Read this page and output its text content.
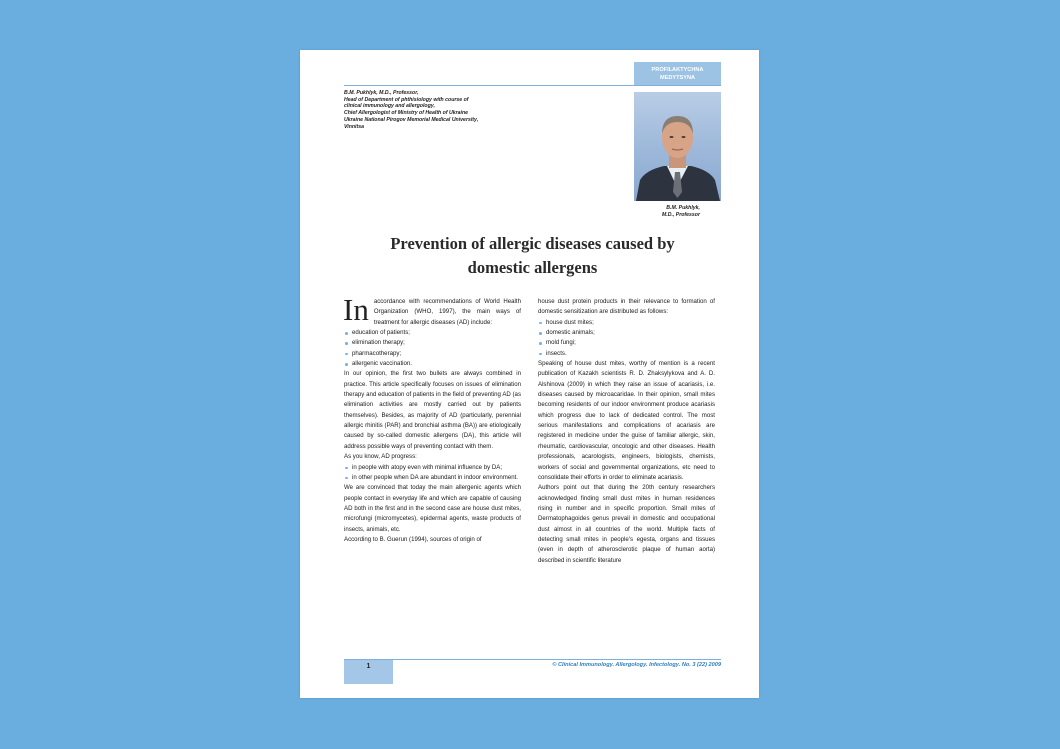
PROFILAKTYCHNA
MEDYTSYNA
B.M. Pukhlyk, M.D., Professor,
Head of Department of phthisiology with course of
clinical immunology and allergology,
Chief Allergologist of Ministry of Health of Ukraine
Ukraine National Pirogov Memorial Medical University,
Vinnitsa
B.M. Pukhlyk,
M.D., Professor
Prevention of allergic diseases caused by
domestic allergens

In accordance with recommendations of World Health Organization (WHO, 1997), the main ways of treatment for allergic diseases (AD) include:

education of patients;
elimination therapy;
pharmacotherapy;
allergenic vaccination.

In our opinion, the first two bullets are always combined in practice. This article specifically focuses on issues of elimination therapy and education of patients in the field of preventing AD (as elimination activities are mostly carried out by patients themselves). Besides, as majority of AD (particularly, perennial allergic rhinitis (PAR) and bronchial asthma (BA)) are etiologically caused by so-called domestic allergens (DA), this article will address possible ways of preventing contact with them.

As you know, AD progress:

in people with atopy even with minimal influence by DA;

in other people when DA are abundant in indoor environment.

We are convinced that today the main allergenic agents which people contact in everyday life and which are capable of causing AD both in the first and in the second case are house dust mites, microfungi (micromycetes), epidermal agents, waste products of insects, animals, etc.

According to B. Guerun (1994), sources of origin of

house dust protein products in their relevance to formation of domestic sensitization are distributed as follows:

house dust mites;
domestic animals;
mold fungi;
insects.

Speaking of house dust mites, worthy of mention is a recent publication of Kazakh scientists R. D. Zhaksylykova and A. D. Alshinova (2009) in which they raise an issue of acariasis, i.e. diseases caused by microacaridae. In their opinion, small mites becoming residents of our indoor environment produce acariasis which progress due to lack of dedicated control. The most serious manifestations and complications of acariasis are registered in medicine under the guise of familiar allergic, skin, rheumatic, cardiovascular, oncologic and other diseases. Health professionals, acarologists, engineers, biologists, chemists, workers of social and governmental organizations, etc need to consolidate their efforts in order to eliminate acariasis.

Authors point out that during the 20th century researchers acknowledged finding small dust mites in human residences rising in number and in specific proportion. Small mites of Dermatophagoides genus prevail in domestic and occupational dust almost in all countries of the world. Multiple facts of detecting small mites in people's egesta, organs and tissues (even in depth of atherosclerotic plaque of human aorta) described in scientific literature

1	© Clinical Immunology. Allergology. Infectology. No. 3 (22) 2009
